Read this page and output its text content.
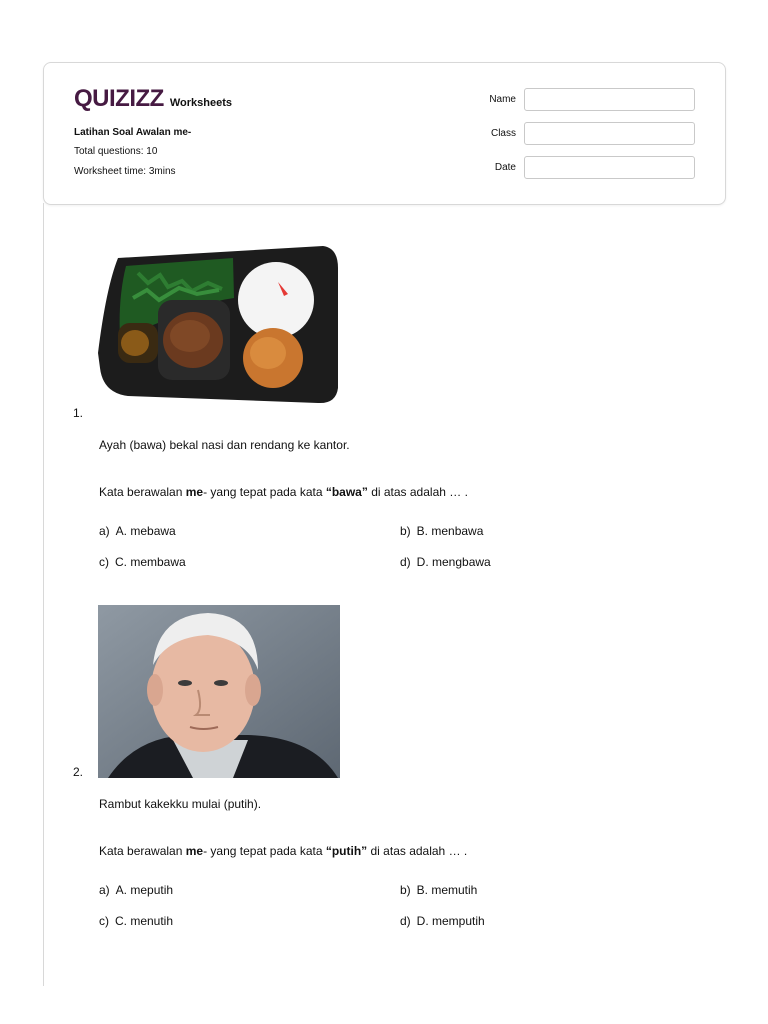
QUIZIZZ Worksheets
Latihan Soal Awalan me-
Total questions: 10
Worksheet time: 3mins
Name
Class
Date
1.
Ayah (bawa) bekal nasi dan rendang ke kantor.
Kata berawalan me- yang tepat pada kata “bawa” di atas adalah … .
a) A. mebawa	b) B. menbawa
c) C. membawa	d) D. mengbawa
2.
Rambut kakekku mulai (putih).
Kata berawalan me- yang tepat pada kata “putih” di atas adalah … .
a) A. meputih	b) B. memutih
c) C. menutih	d) D. memputih
